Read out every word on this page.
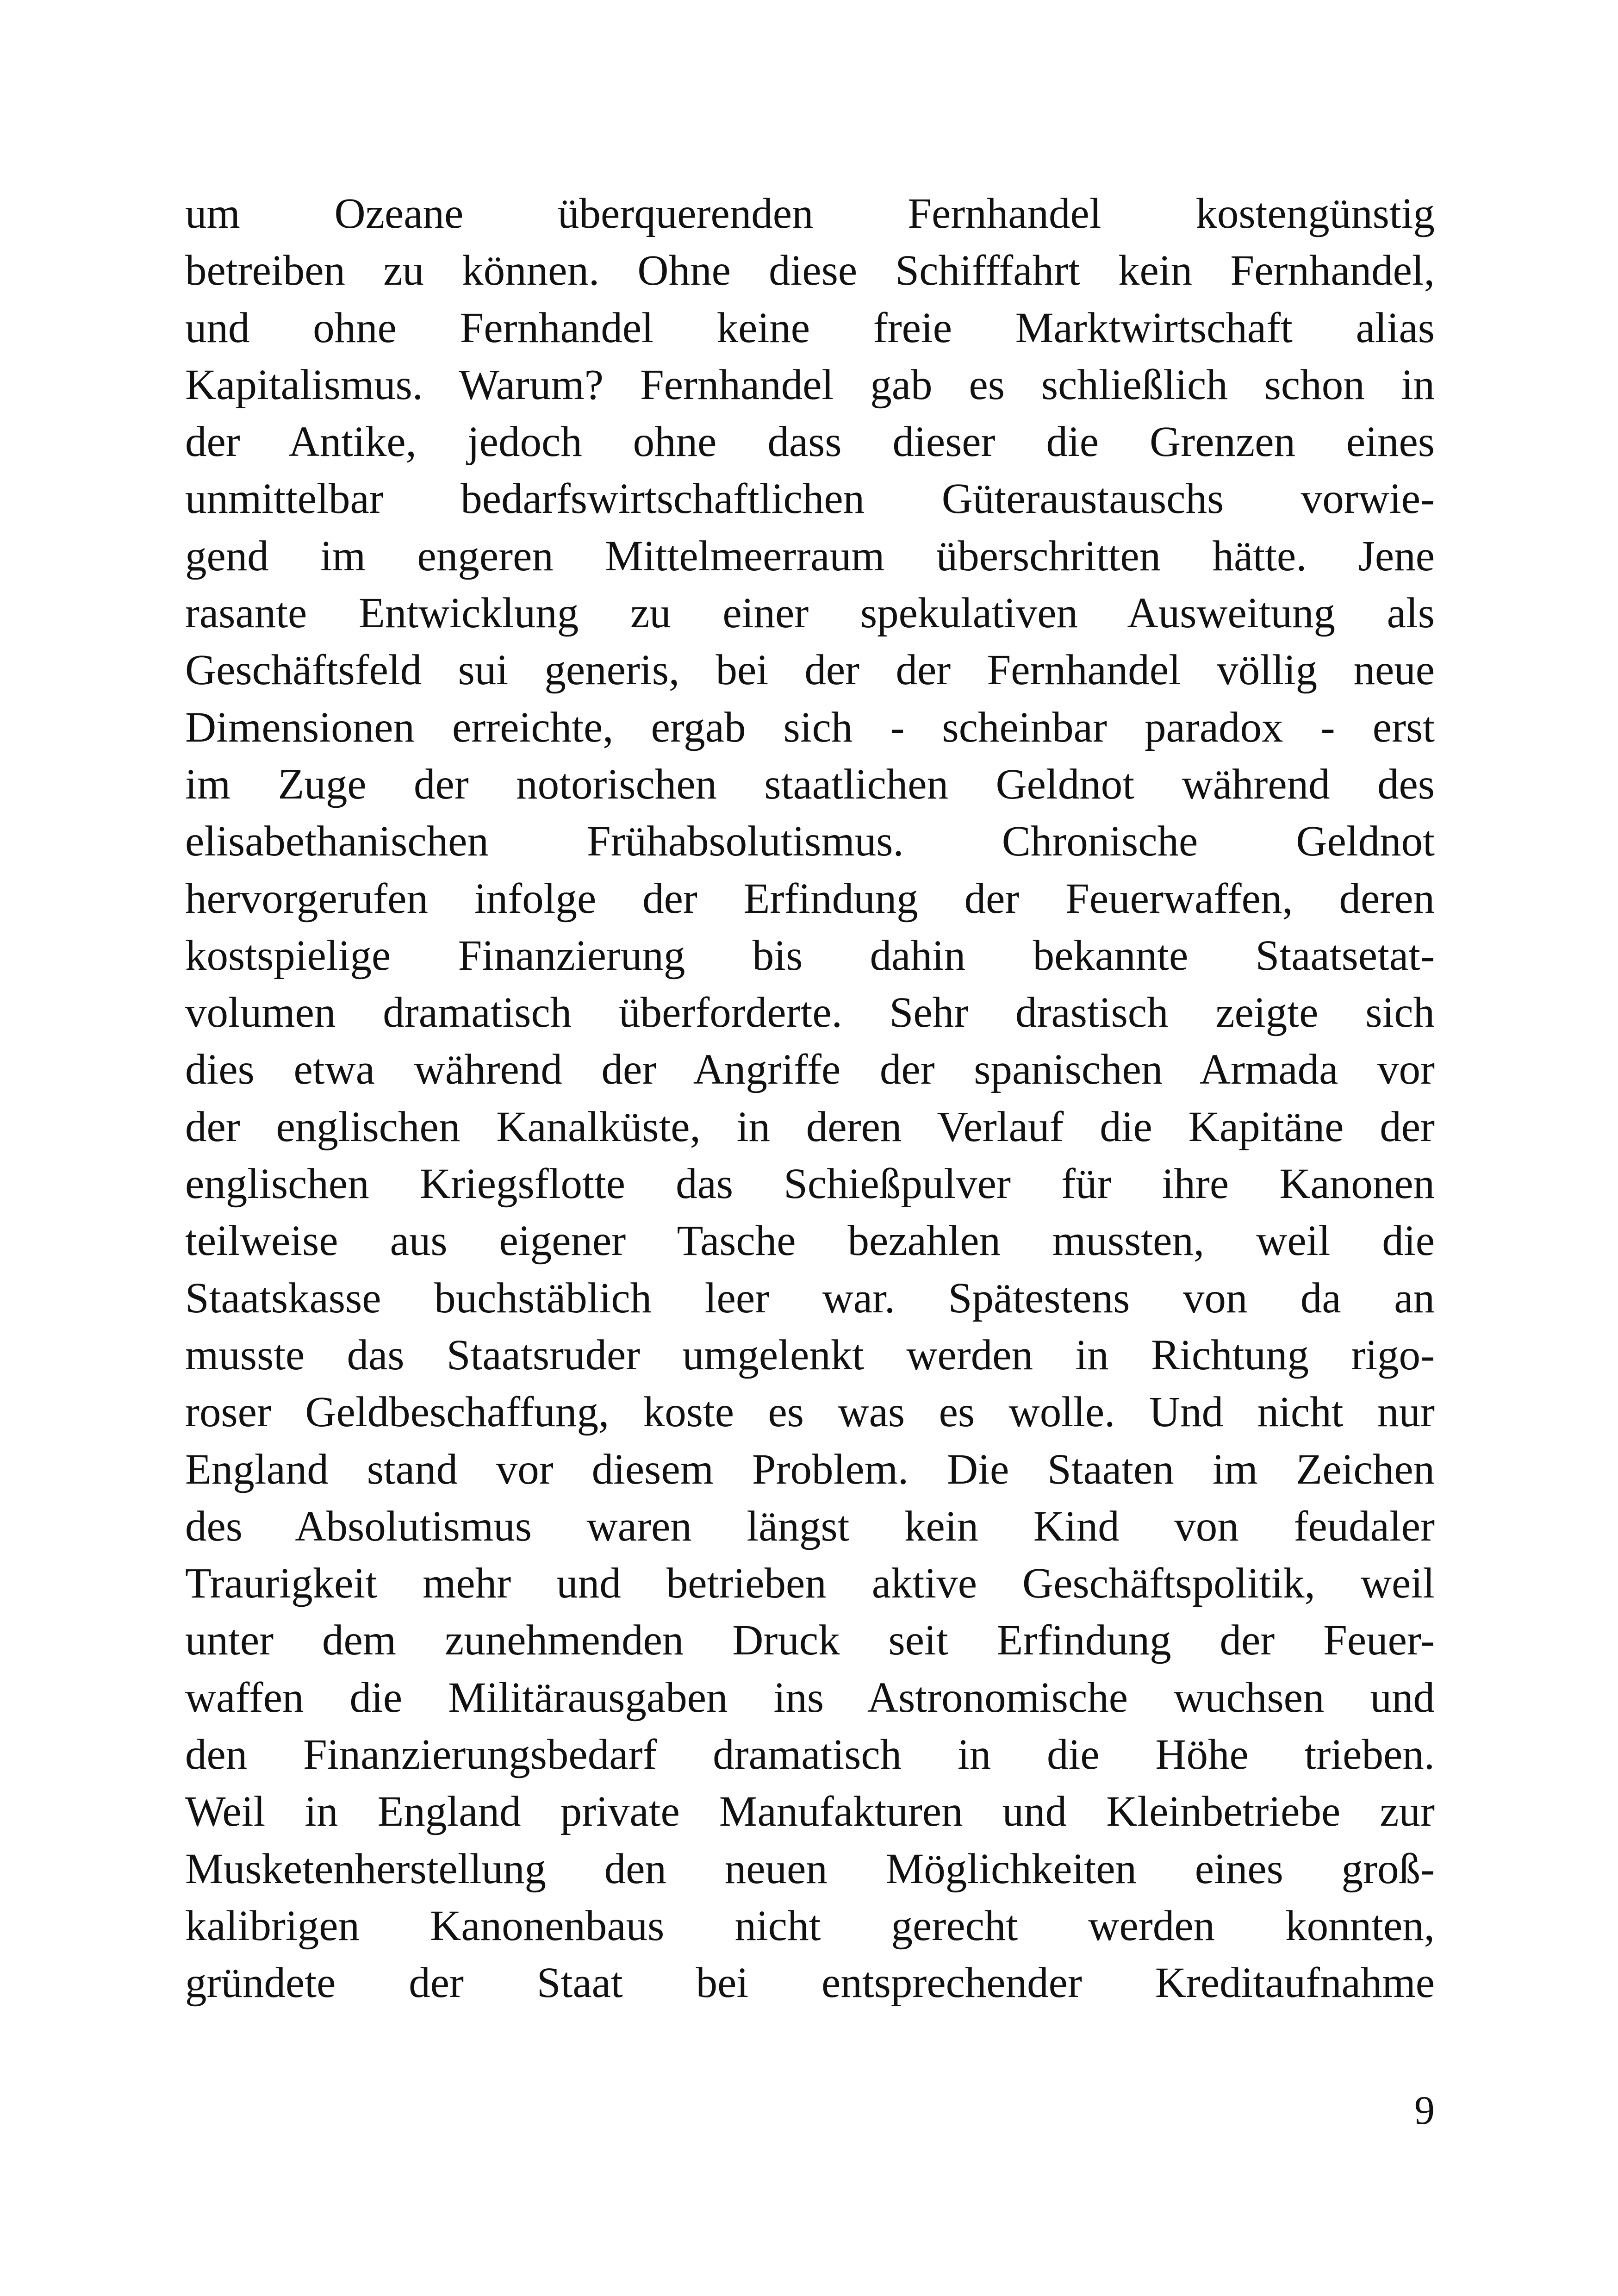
um Ozeane überquerenden Fernhandel kostengünstig
betreiben zu können. Ohne diese Schifffahrt kein Fernhandel,
und ohne Fernhandel keine freie Marktwirtschaft alias
Kapitalismus. Warum? Fernhandel gab es schließlich schon in
der Antike, jedoch ohne dass dieser die Grenzen eines
unmittelbar bedarfswirtschaftlichen Güteraustauschs vorwie-
gend im engeren Mittelmeerraum überschritten hätte. Jene
rasante Entwicklung zu einer spekulativen Ausweitung als
Geschäftsfeld sui generis, bei der der Fernhandel völlig neue
Dimensionen erreichte, ergab sich - scheinbar paradox - erst
im Zuge der notorischen staatlichen Geldnot während des
elisabethanischen Frühabsolutismus. Chronische Geldnot
hervorgerufen infolge der Erfindung der Feuerwaffen, deren
kostspielige Finanzierung bis dahin bekannte Staatsetat-
volumen dramatisch überforderte. Sehr drastisch zeigte sich
dies etwa während der Angriffe der spanischen Armada vor
der englischen Kanalküste, in deren Verlauf die Kapitäne der
englischen Kriegsflotte das Schießpulver für ihre Kanonen
teilweise aus eigener Tasche bezahlen mussten, weil die
Staatskasse buchstäblich leer war. Spätestens von da an
musste das Staatsruder umgelenkt werden in Richtung rigo-
roser Geldbeschaffung, koste es was es wolle. Und nicht nur
England stand vor diesem Problem. Die Staaten im Zeichen
des Absolutismus waren längst kein Kind von feudaler
Traurigkeit mehr und betrieben aktive Geschäftspolitik, weil
unter dem zunehmenden Druck seit Erfindung der Feuer-
waffen die Militärausgaben ins Astronomische wuchsen und
den Finanzierungsbedarf dramatisch in die Höhe trieben.
Weil in England private Manufakturen und Kleinbetriebe zur
Musketenherstellung den neuen Möglichkeiten eines groß-
kalibrigen Kanonenbaus nicht gerecht werden konnten,
gründete der Staat bei entsprechender Kreditaufnahme
9
